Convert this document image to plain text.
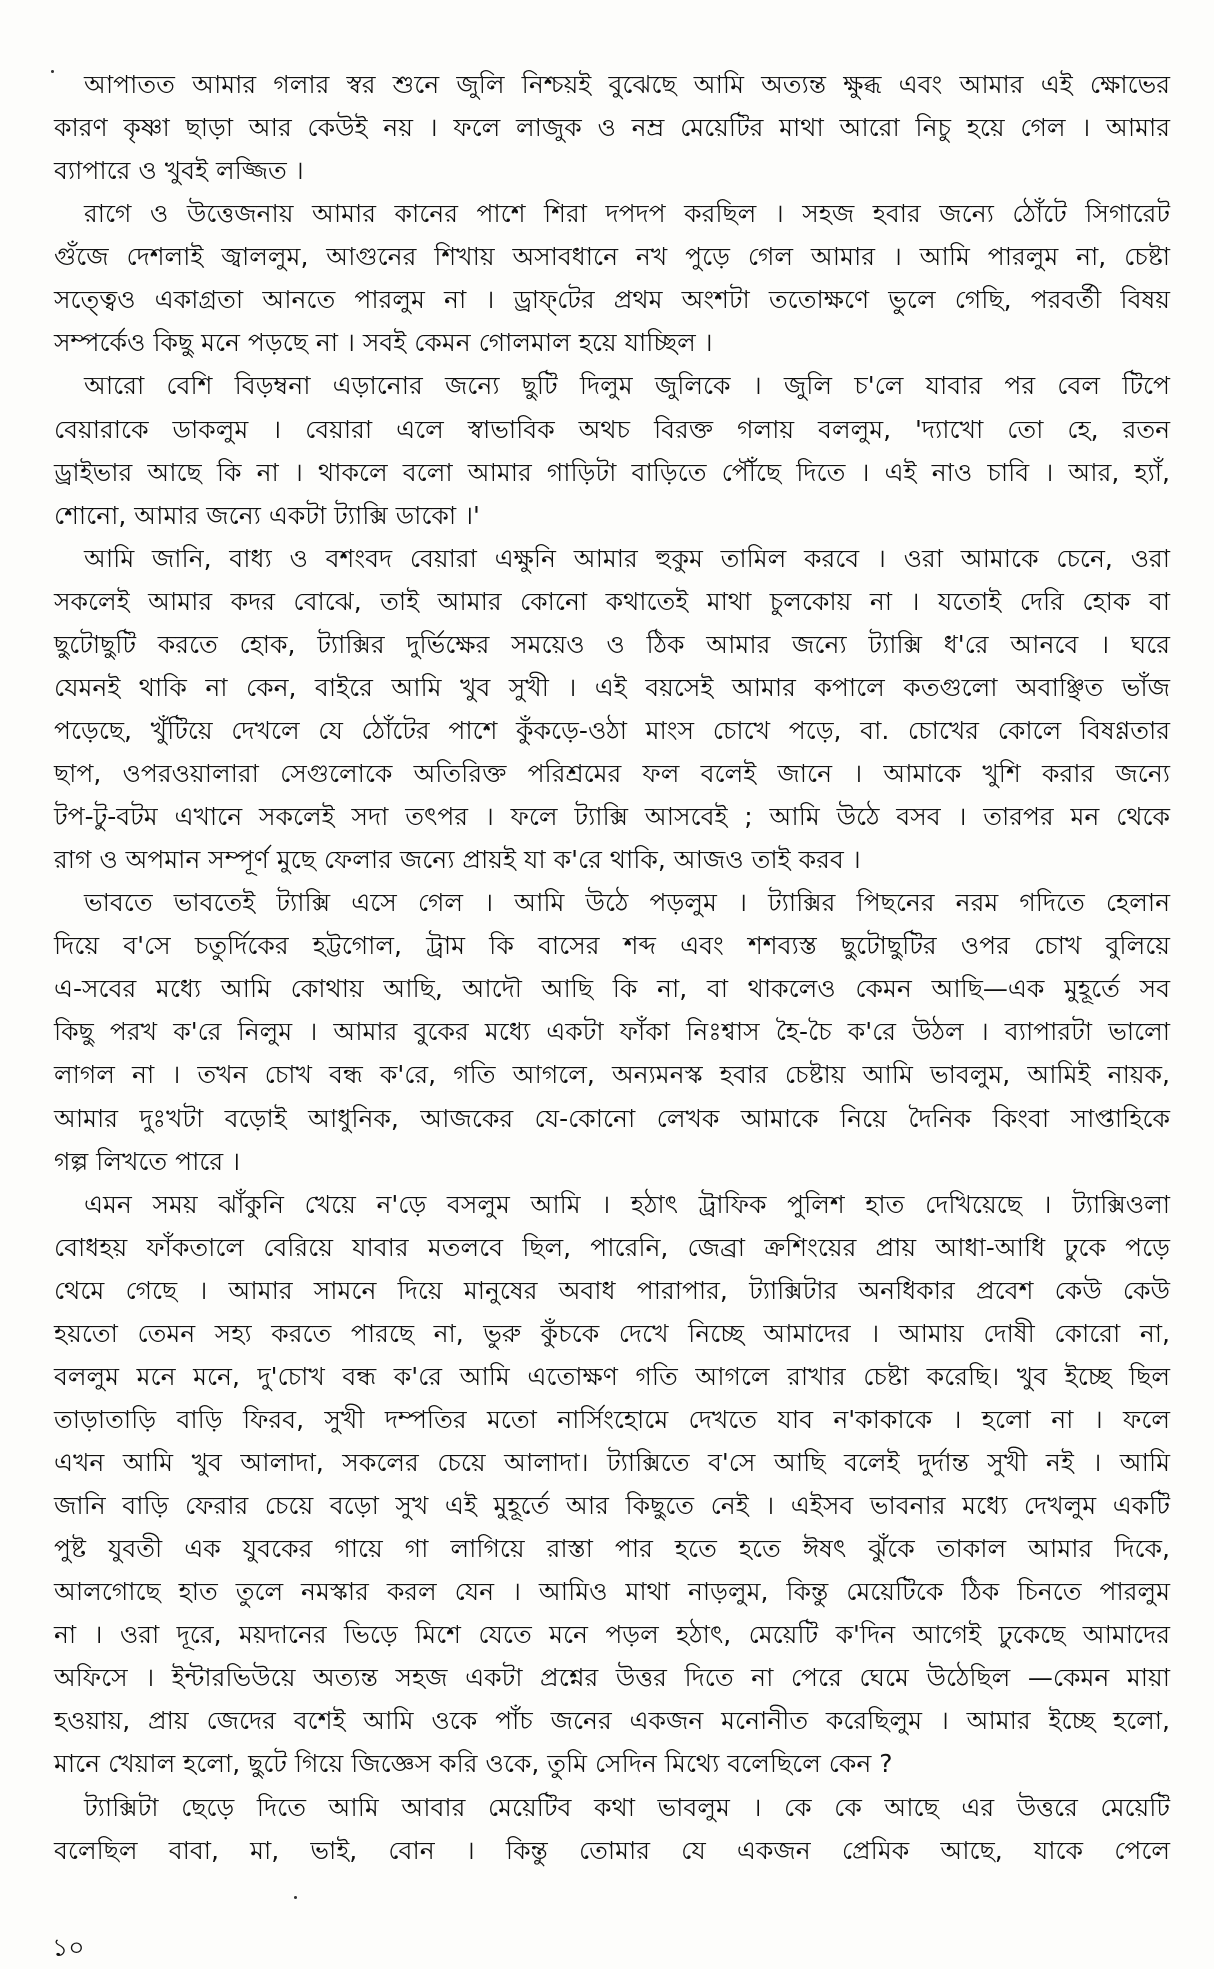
আপাতত আমার গলার স্বর শুনে জুলি নিশ্চয়ই বুঝেছে আমি অত্যন্ত ক্ষুব্ধ এবং আমার এই ক্ষোভের
কারণ কৃষ্ণা ছাড়া আর কেউই নয় । ফলে লাজুক ও নম্র মেয়েটির মাথা আরো নিচু হয়ে গেল । আমার
ব্যাপারে ও খুবই লজ্জিত ।
রাগে ও উত্তেজনায় আমার কানের পাশে শিরা দপদপ করছিল । সহজ হবার জন্যে ঠোঁটে সিগারেট
গুঁজে দেশলাই জ্বাললুম, আগুনের শিখায় অসাবধানে নখ পুড়ে গেল আমার । আমি পারলুম না, চেষ্টা
সত্ত্বেও একাগ্রতা আনতে পারলুম না । ড্রাফ্‌টের প্রথম অংশটা ততোক্ষণে ভুলে গেছি, পরবর্তী বিষয়
সম্পর্কেও কিছু মনে পড়ছে না । সবই কেমন গোলমাল হয়ে যাচ্ছিল ।
আরো বেশি বিড়ম্বনা এড়ানোর জন্যে ছুটি দিলুম জুলিকে । জুলি চ'লে যাবার পর বেল টিপে
বেয়ারাকে ডাকলুম । বেয়ারা এলে স্বাভাবিক অথচ বিরক্ত গলায় বললুম, 'দ্যাখো তো হে, রতন
ড্রাইভার আছে কি না । থাকলে বলো আমার গাড়িটা বাড়িতে পৌঁছে দিতে । এই নাও চাবি । আর, হ্যাঁ,
শোনো, আমার জন্যে একটা ট্যাক্সি ডাকো ।'
আমি জানি, বাধ্য ও বশংবদ বেয়ারা এক্ষুনি আমার হুকুম তামিল করবে । ওরা আমাকে চেনে, ওরা
সকলেই আমার কদর বোঝে, তাই আমার কোনো কথাতেই মাথা চুলকোয় না । যতোই দেরি হোক বা
ছুটোছুটি করতে হোক, ট্যাক্সির দুর্ভিক্ষের সময়েও ও ঠিক আমার জন্যে ট্যাক্সি ধ'রে আনবে । ঘরে
যেমনই থাকি না কেন, বাইরে আমি খুব সুখী । এই বয়সেই আমার কপালে কতগুলো অবাঞ্ছিত ভাঁজ
পড়েছে, খুঁটিয়ে দেখলে যে ঠোঁটের পাশে কুঁকড়ে-ওঠা মাংস চোখে পড়ে, বা. চোখের কোলে বিষণ্ণতার
ছাপ, ওপরওয়ালারা সেগুলোকে অতিরিক্ত পরিশ্রমের ফল বলেই জানে । আমাকে খুশি করার জন্যে
টপ-টু-বটম এখানে সকলেই সদা তৎপর । ফলে ট্যাক্সি আসবেই ; আমি উঠে বসব । তারপর মন থেকে
রাগ ও অপমান সম্পূর্ণ মুছে ফেলার জন্যে প্রায়ই যা ক'রে থাকি, আজও তাই করব ।
ভাবতে ভাবতেই ট্যাক্সি এসে গেল । আমি উঠে পড়লুম । ট্যাক্সির পিছনের নরম গদিতে হেলান
দিয়ে ব'সে চতুর্দিকের হট্টগোল, ট্রাম কি বাসের শব্দ এবং শশব্যস্ত ছুটোছুটির ওপর চোখ বুলিয়ে
এ-সবের মধ্যে আমি কোথায় আছি, আদৌ আছি কি না, বা থাকলেও কেমন আছি—এক মুহূর্তে সব
কিছু পরখ ক'রে নিলুম । আমার বুকের মধ্যে একটা ফাঁকা নিঃশ্বাস হৈ-চৈ ক'রে উঠল । ব্যাপারটা ভালো
লাগল না । তখন চোখ বন্ধ ক'রে, গতি আগলে, অন্যমনস্ক হবার চেষ্টায় আমি ভাবলুম, আমিই নায়ক,
আমার দুঃখটা বড়োই আধুনিক, আজকের যে-কোনো লেখক আমাকে নিয়ে দৈনিক কিংবা সাপ্তাহিকে
গল্প লিখতে পারে ।
এমন সময় ঝাঁকুনি খেয়ে ন'ড়ে বসলুম আমি । হঠাৎ ট্রাফিক পুলিশ হাত দেখিয়েছে । ট্যাক্সিওলা
বোধহয় ফাঁকতালে বেরিয়ে যাবার মতলবে ছিল, পারেনি, জেব্রা ক্রশিংয়ের প্রায় আধা-আধি ঢুকে পড়ে
থেমে গেছে । আমার সামনে দিয়ে মানুষের অবাধ পারাপার, ট্যাক্সিটার অনধিকার প্রবেশ কেউ কেউ
হয়তো তেমন সহ্য করতে পারছে না, ভুরু কুঁচকে দেখে নিচ্ছে আমাদের । আমায় দোষী কোরো না,
বললুম মনে মনে, দু'চোখ বন্ধ ক'রে আমি এতোক্ষণ গতি আগলে রাখার চেষ্টা করেছি। খুব ইচ্ছে ছিল
তাড়াতাড়ি বাড়ি ফিরব, সুখী দম্পতির মতো নার্সিংহোমে দেখতে যাব ন'কাকাকে । হলো না । ফলে
এখন আমি খুব আলাদা, সকলের চেয়ে আলাদা। ট্যাক্সিতে ব'সে আছি বলেই দুর্দান্ত সুখী নই । আমি
জানি বাড়ি ফেরার চেয়ে বড়ো সুখ এই মুহূর্তে আর কিছুতে নেই । এইসব ভাবনার মধ্যে দেখলুম একটি
পুষ্ট যুবতী এক যুবকের গায়ে গা লাগিয়ে রাস্তা পার হতে হতে ঈষৎ ঝুঁকে তাকাল আমার দিকে,
আলগোছে হাত তুলে নমস্কার করল যেন । আমিও মাথা নাড়লুম, কিন্তু মেয়েটিকে ঠিক চিনতে পারলুম
না । ওরা দূরে, ময়দানের ভিড়ে মিশে যেতে মনে পড়ল হঠাৎ, মেয়েটি ক'দিন আগেই ঢুকেছে আমাদের
অফিসে । ইন্টারভিউয়ে অত্যন্ত সহজ একটা প্রশ্নের উত্তর দিতে না পেরে ঘেমে উঠেছিল —কেমন মায়া
হওয়ায়, প্রায় জেদের বশেই আমি ওকে পাঁচ জনের একজন মনোনীত করেছিলুম । আমার ইচ্ছে হলো,
মানে খেয়াল হলো, ছুটে গিয়ে জিজ্ঞেস করি ওকে, তুমি সেদিন মিথ্যে বলেছিলে কেন ?
ট্যাক্সিটা ছেড়ে দিতে আমি আবার মেয়েটিব কথা ভাবলুম । কে কে আছে এর উত্তরে মেয়েটি
বলেছিল বাবা, মা, ভাই, বোন । কিন্তু তোমার যে একজন প্রেমিক আছে, যাকে পেলে
১০
